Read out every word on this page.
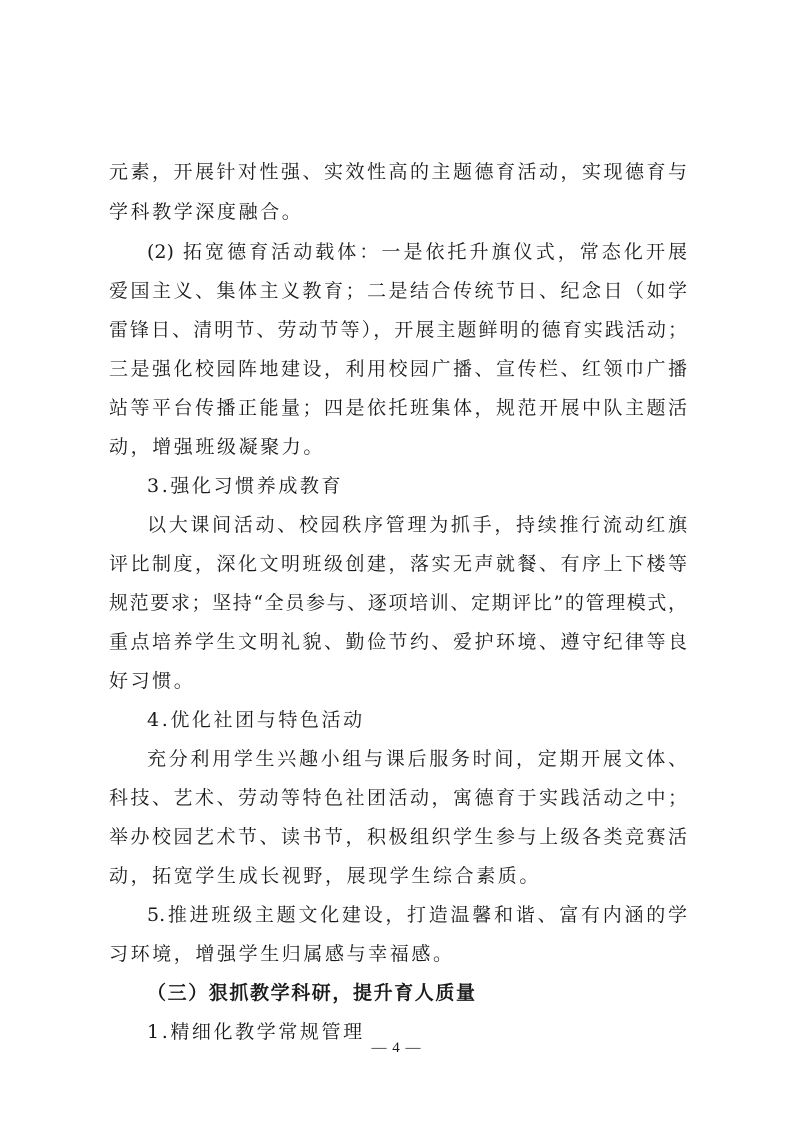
元素，开展针对性强、实效性高的主题德育活动，实现德育与
学科教学深度融合。
(2) 拓宽德育活动载体：一是依托升旗仪式，常态化开展
爱国主义、集体主义教育；二是结合传统节日、纪念日（如学
雷锋日、清明节、劳动节等），开展主题鲜明的德育实践活动；
三是强化校园阵地建设，利用校园广播、宣传栏、红领巾广播
站等平台传播正能量；四是依托班集体，规范开展中队主题活
动，增强班级凝聚力。
3.强化习惯养成教育
以大课间活动、校园秩序管理为抓手，持续推行流动红旗
评比制度，深化文明班级创建，落实无声就餐、有序上下楼等
规范要求；坚持“全员参与、逐项培训、定期评比”的管理模式，
重点培养学生文明礼貌、勤俭节约、爱护环境、遵守纪律等良
好习惯。
4.优化社团与特色活动
充分利用学生兴趣小组与课后服务时间，定期开展文体、
科技、艺术、劳动等特色社团活动，寓德育于实践活动之中；
举办校园艺术节、读书节，积极组织学生参与上级各类竞赛活
动，拓宽学生成长视野，展现学生综合素质。
5.推进班级主题文化建设，打造温馨和谐、富有内涵的学
习环境，增强学生归属感与幸福感。
（三）狠抓教学科研，提升育人质量
1.精细化教学常规管理
— 4 —
